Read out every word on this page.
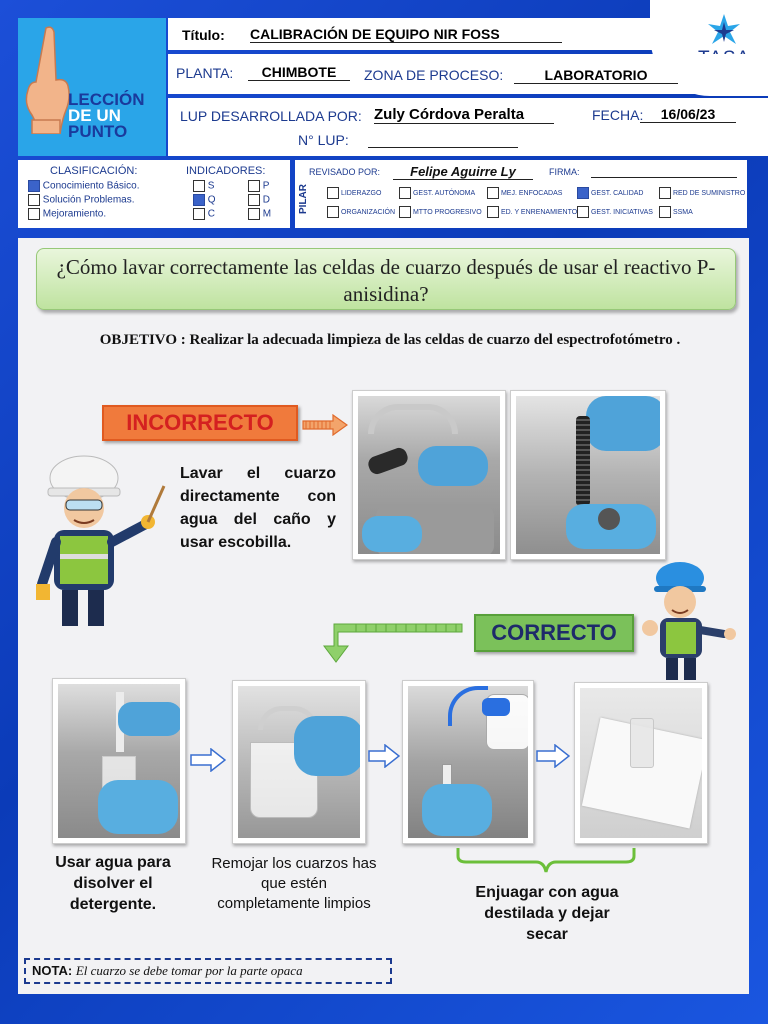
LECCIÓN
DE UN
PUNTO
Título: CALIBRACIÓN DE EQUIPO NIR FOSS
PLANTA:	CHIMBOTE	ZONA DE PROCESO:	LABORATORIO
LUP DESARROLLADA POR: Zuly Córdova Peralta	FECHA:	16/06/23
N° LUP:
CLASIFICACIÓN:
Conocimiento Básico.
Solución Problemas.
Mejoramiento.
INDICADORES:
S	P
Q	D
C	M
REVISADO POR:	Felipe Aguirre Ly	FIRMA:
PILAR	LIDERAZGO	GEST. AUTÓNOMA	MEJ. ENFOCADAS	GEST. CALIDAD	RED DE SUMINISTRO
ORGANIZACIÓN	MTTO PROGRESIVO	ED. Y ENRENAMIENTO	GEST. INICIATIVAS	SSMA
¿Cómo lavar correctamente las celdas de cuarzo después de usar el reactivo P-anisidina?
OBJETIVO : Realizar la adecuada limpieza de las celdas de cuarzo del espectrofotómetro .
INCORRECTO
Lavar el cuarzo directamente con agua del caño y usar escobilla.
CORRECTO
Usar agua para disolver el detergente.
Remojar los cuarzos has que estén completamente limpios
Enjuagar con agua destilada y dejar secar
NOTA: El cuarzo se debe tomar por la parte opaca
